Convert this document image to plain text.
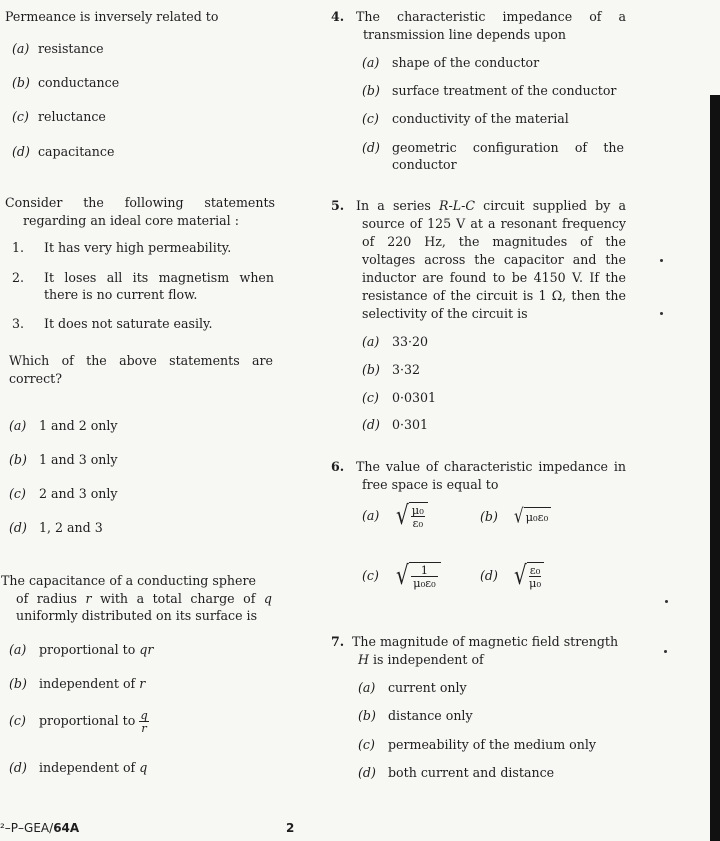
Permeance is inversely related to
(a) resistance
(b) conductance
(c) reluctance
(d) capacitance
Consider the following statements
regarding an ideal core material :
1. It has very high permeability.
2. It loses all its magnetism when
there is no current flow.
3. It does not saturate easily.
Which of the above statements are
correct?
(a) 1 and 2 only
(b) 1 and 3 only
(c) 2 and 3 only
(d) 1, 2 and 3
The capacitance of a conducting sphere
of radius r with a total charge of q
uniformly distributed on its surface is
(a) proportional to qr
(b) independent of r
(c) proportional to $\frac{q}{r}$
(d) independent of q
4. The characteristic impedance of a
transmission line depends upon
(a) shape of the conductor
(b) surface treatment of the conductor
(c) conductivity of the material
(d) geometric configuration of the
conductor
5. In a series R-L-C circuit supplied by a
source of 125 V at a resonant frequency
of 220 Hz, the magnitudes of the
voltages across the capacitor and the
inductor are found to be 4150 V. If the
resistance of the circuit is 1 Ω, then the
selectivity of the circuit is
(a) 33·20
(b) 3·32
(c) 0·0301
(d) 0·301
6. The value of characteristic impedance in
free space is equal to
(a) √ $\frac{\text{μ₀}}{\text{ε₀}}$	(b) √ μ₀ε₀
(c) √ $\frac{1}{\text{μ₀ε₀}}$	(d) √ $\frac{\text{ε₀}}{\text{μ₀}}$
7. The magnitude of magnetic field strength
H is independent of
(a) current only
(b) distance only
(c) permeability of the medium only
(d) both current and distance
²–P–GEA/64A	2
